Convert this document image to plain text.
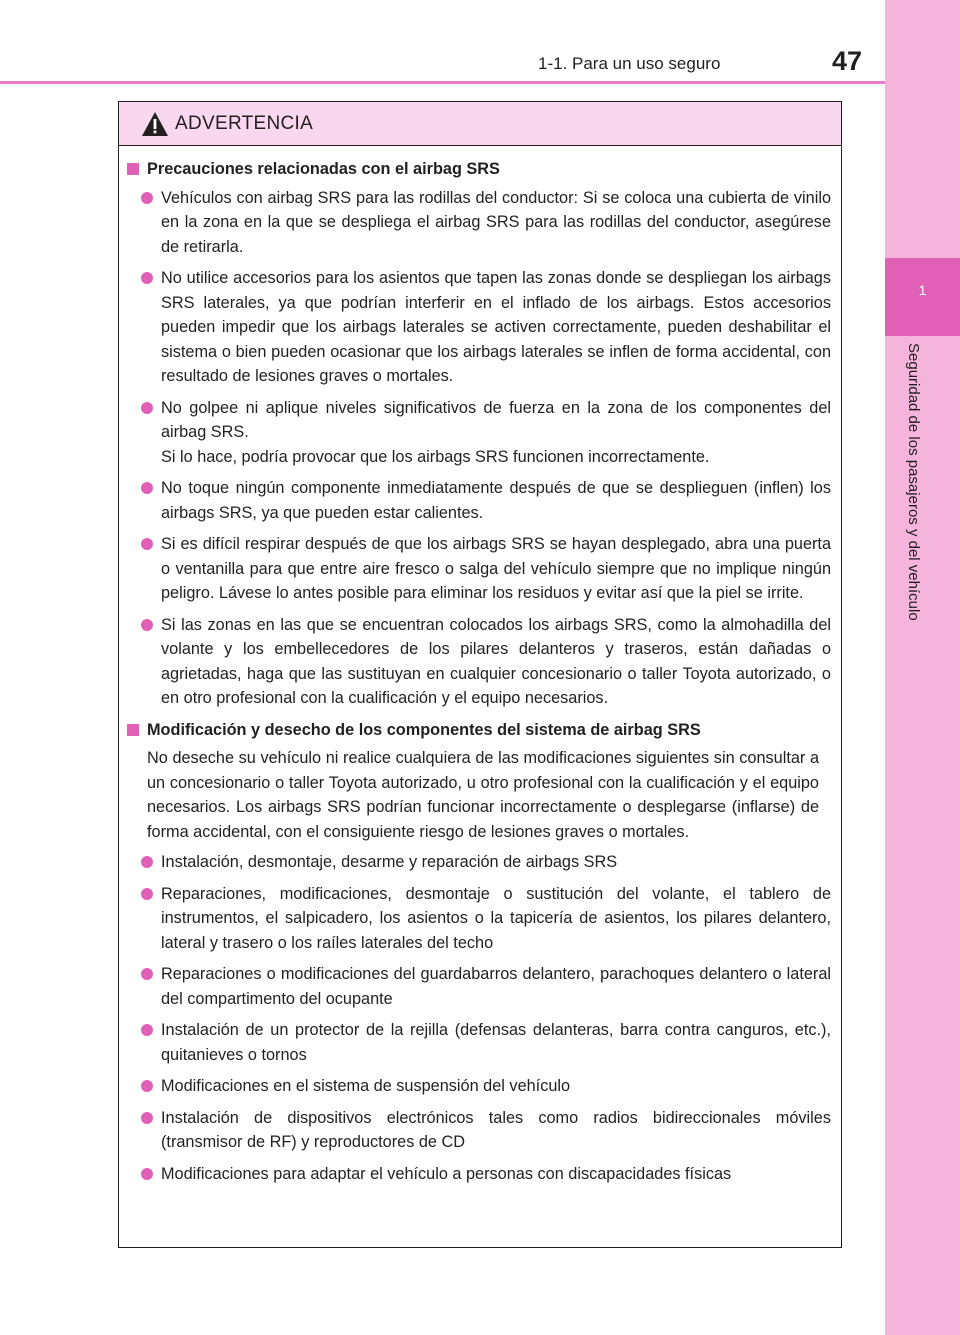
1-1. Para un uso seguro	47
1
Seguridad de los pasajeros y del vehículo
ADVERTENCIA
Precauciones relacionadas con el airbag SRS
Vehículos con airbag SRS para las rodillas del conductor: Si se coloca una cubierta de vinilo en la zona en la que se despliega el airbag SRS para las rodillas del conductor, asegúrese de retirarla.
No utilice accesorios para los asientos que tapen las zonas donde se despliegan los airbags SRS laterales, ya que podrían interferir en el inflado de los airbags. Estos accesorios pueden impedir que los airbags laterales se activen correctamente, pueden deshabilitar el sistema o bien pueden ocasionar que los airbags laterales se inflen de forma accidental, con resultado de lesiones graves o mortales.
No golpee ni aplique niveles significativos de fuerza en la zona de los componentes del airbag SRS.
Si lo hace, podría provocar que los airbags SRS funcionen incorrectamente.
No toque ningún componente inmediatamente después de que se desplieguen (inflen) los airbags SRS, ya que pueden estar calientes.
Si es difícil respirar después de que los airbags SRS se hayan desplegado, abra una puerta o ventanilla para que entre aire fresco o salga del vehículo siempre que no implique ningún peligro. Lávese lo antes posible para eliminar los residuos y evitar así que la piel se irrite.
Si las zonas en las que se encuentran colocados los airbags SRS, como la almohadilla del volante y los embellecedores de los pilares delanteros y traseros, están dañadas o agrietadas, haga que las sustituyan en cualquier concesionario o taller Toyota autorizado, o en otro profesional con la cualificación y el equipo necesarios.
Modificación y desecho de los componentes del sistema de airbag SRS
No deseche su vehículo ni realice cualquiera de las modificaciones siguientes sin consultar a un concesionario o taller Toyota autorizado, u otro profesional con la cualificación y el equipo necesarios. Los airbags SRS podrían funcionar incorrectamente o desplegarse (inflarse) de forma accidental, con el consiguiente riesgo de lesiones graves o mortales.
Instalación, desmontaje, desarme y reparación de airbags SRS
Reparaciones, modificaciones, desmontaje o sustitución del volante, el tablero de instrumentos, el salpicadero, los asientos o la tapicería de asientos, los pilares delantero, lateral y trasero o los raíles laterales del techo
Reparaciones o modificaciones del guardabarros delantero, parachoques delantero o lateral del compartimento del ocupante
Instalación de un protector de la rejilla (defensas delanteras, barra contra canguros, etc.), quitanieves o tornos
Modificaciones en el sistema de suspensión del vehículo
Instalación de dispositivos electrónicos tales como radios bidireccionales móviles (transmisor de RF) y reproductores de CD
Modificaciones para adaptar el vehículo a personas con discapacidades físicas
